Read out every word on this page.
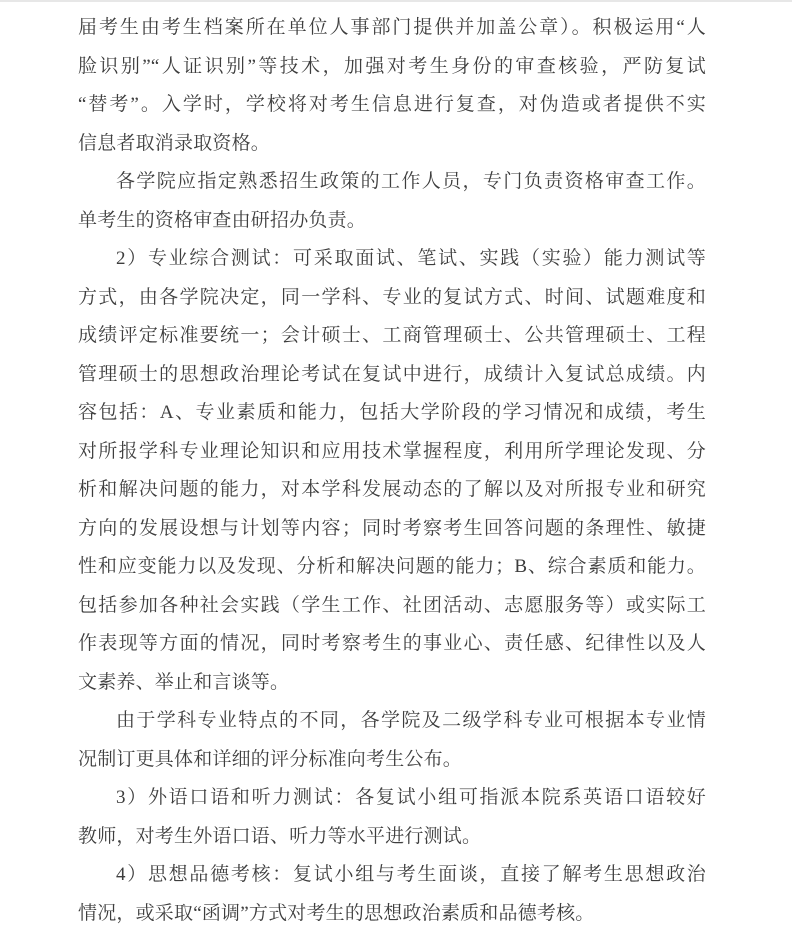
届考生由考生档案所在单位人事部门提供并加盖公章）。积极运用“人
脸识别”“人证识别”等技术，加强对考生身份的审查核验，严防复试
“替考”。入学时，学校将对考生信息进行复查，对伪造或者提供不实
信息者取消录取资格。
各学院应指定熟悉招生政策的工作人员，专门负责资格审查工作。
单考生的资格审查由研招办负责。
2）专业综合测试：可采取面试、笔试、实践（实验）能力测试等
方式，由各学院决定，同一学科、专业的复试方式、时间、试题难度和
成绩评定标准要统一；会计硕士、工商管理硕士、公共管理硕士、工程
管理硕士的思想政治理论考试在复试中进行，成绩计入复试总成绩。内
容包括：A、专业素质和能力，包括大学阶段的学习情况和成绩，考生
对所报学科专业理论知识和应用技术掌握程度，利用所学理论发现、分
析和解决问题的能力，对本学科发展动态的了解以及对所报专业和研究
方向的发展设想与计划等内容；同时考察考生回答问题的条理性、敏捷
性和应变能力以及发现、分析和解决问题的能力；B、综合素质和能力。
包括参加各种社会实践（学生工作、社团活动、志愿服务等）或实际工
作表现等方面的情况，同时考察考生的事业心、责任感、纪律性以及人
文素养、举止和言谈等。
由于学科专业特点的不同，各学院及二级学科专业可根据本专业情
况制订更具体和详细的评分标准向考生公布。
3）外语口语和听力测试：各复试小组可指派本院系英语口语较好
教师，对考生外语口语、听力等水平进行测试。
4）思想品德考核：复试小组与考生面谈，直接了解考生思想政治
情况，或采取“函调”方式对考生的思想政治素质和品德考核。
